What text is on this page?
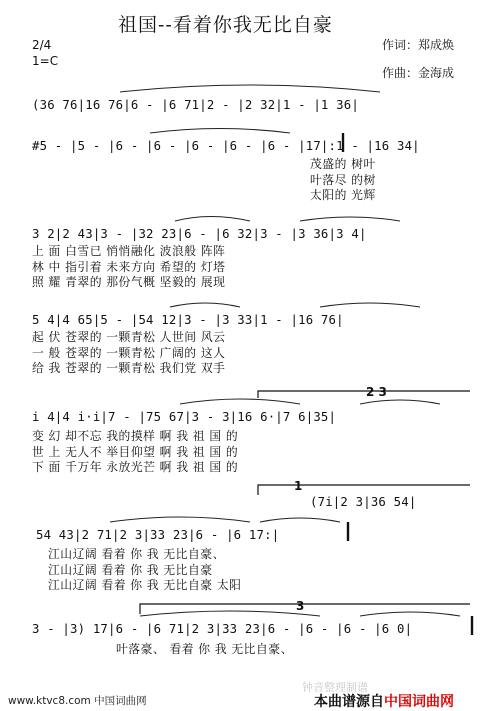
祖国--看着你我无比自豪
作词：郑成焕
作曲：金海成
2/4
1=C
(36 76|16 76|6 - |6 71|2 - |2 32|1 - |1 36|
#5 - |5 - |6 - |6 - |6 - |6 - |6 - |17|:1 - |16 34|
茂盛的 树叶
叶落尽 的树
太阳的 光辉
3 2|2 43|3 - |32 23|6 - |6 32|3 - |3 36|3 4|
上 面 白雪已 悄悄融化 波浪般 阵阵
林 中 指引着 未来方向 希望的 灯塔
照 耀 青翠的 那份气概 坚毅的 展现
5 4|4 65|5 - |54 12|3 - |3 33|1 - |16 76|
起 伏 苍翠的 一颗青松 人世间 风云
一 般 苍翠的 一颗青松 广阔的 这人
给 我 苍翠的 一颗青松 我们党 双手
2 3
i 4|4 i·i|7 - |75 67|3 - 3|16 6·|7 6|35|
变 幻 却不忘 我的摸样 啊 我 祖 国 的
世 上 无人不 举目仰望 啊 我 祖 国 的
下 面 千万年 永放光芒 啊 我 祖 国 的
1
(7i|2 3|36 54|
54 43|2 71|2 3|33 23|6 - |6 17:|
江山辽阔 看着 你 我 无比自豪、
江山辽阔 看着 你 我 无比自豪
江山辽阔 看着 你 我 无比自豪 太阳
3
3 - |3) 17|6 - |6 71|2 3|33 23|6 - |6 - |6 - |6 0|
叶落豪、 看着 你 我 无比自豪、
www.ktvc8.com 中国词曲网
钟音整理制谱
本曲谱源自中国词曲网
